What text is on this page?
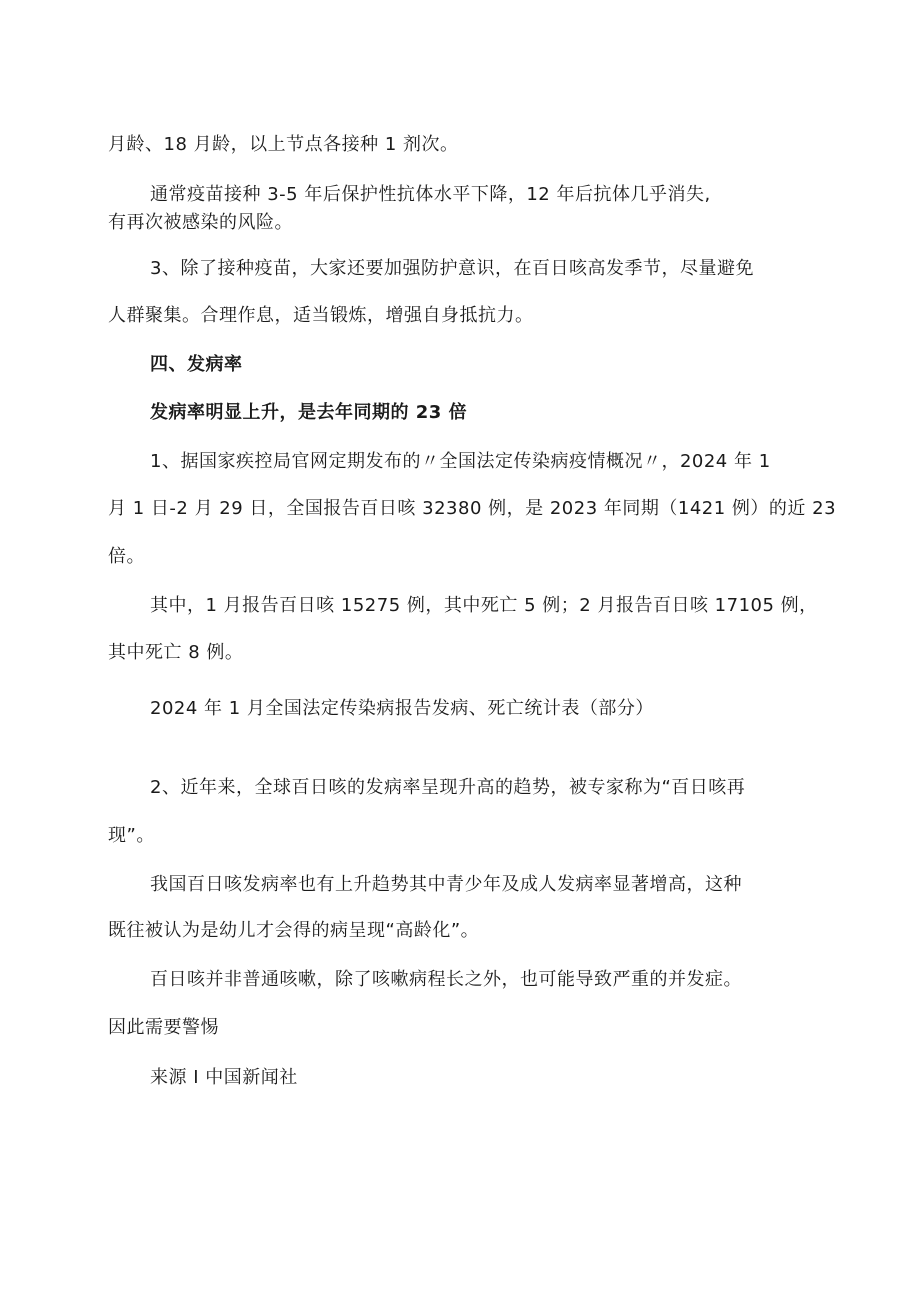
月龄、18 月龄，以上节点各接种 1 剂次。
通常疫苗接种 3-5 年后保护性抗体水平下降，12 年后抗体几乎消失,
有再次被感染的风险。
3、除了接种疫苗，大家还要加强防护意识，在百日咳高发季节，尽量避免
人群聚集。合理作息，适当锻炼，增强自身抵抗力。
四、发病率
发病率明显上升，是去年同期的 23 倍
1、据国家疾控局官网定期发布的〃全国法定传染病疫情概况〃，2024 年 1
月 1 日-2 月 29 日，全国报告百日咳 32380 例，是 2023 年同期（1421 例）的近 23
倍。
其中，1 月报告百日咳 15275 例，其中死亡 5 例；2 月报告百日咳 17105 例，
其中死亡 8 例。
2024 年 1 月全国法定传染病报告发病、死亡统计表（部分）
2、近年来，全球百日咳的发病率呈现升高的趋势，被专家称为“百日咳再
现”。
我国百日咳发病率也有上升趋势其中青少年及成人发病率显著增高，这种
既往被认为是幼儿才会得的病呈现“高龄化”。
百日咳并非普通咳嗽，除了咳嗽病程长之外，也可能导致严重的并发症。
因此需要警惕
来源 I 中国新闻社
